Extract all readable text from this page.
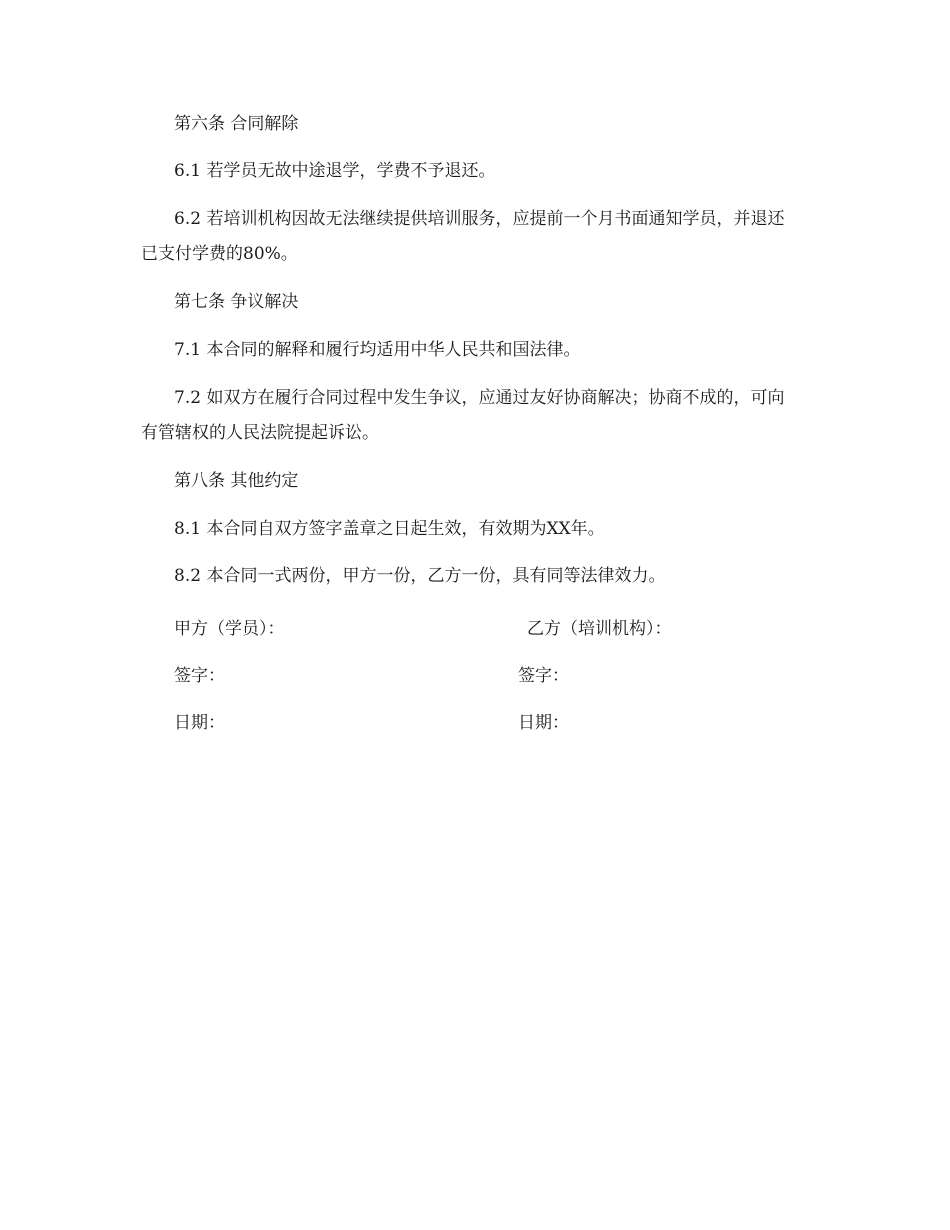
第六条 合同解除

6.1 若学员无故中途退学，学费不予退还。

6.2 若培训机构因故无法继续提供培训服务，应提前一个月书面通知学员，并退还已支付学费的80%。

第七条 争议解决

7.1 本合同的解释和履行均适用中华人民共和国法律。

7.2 如双方在履行合同过程中发生争议，应通过友好协商解决；协商不成的，可向有管辖权的人民法院提起诉讼。

第八条 其他约定

8.1 本合同自双方签字盖章之日起生效，有效期为XX年。

8.2 本合同一式两份，甲方一份，乙方一份，具有同等法律效力。

甲方（学员）：	乙方（培训机构）：

签字：	签字：

日期：	日期：
